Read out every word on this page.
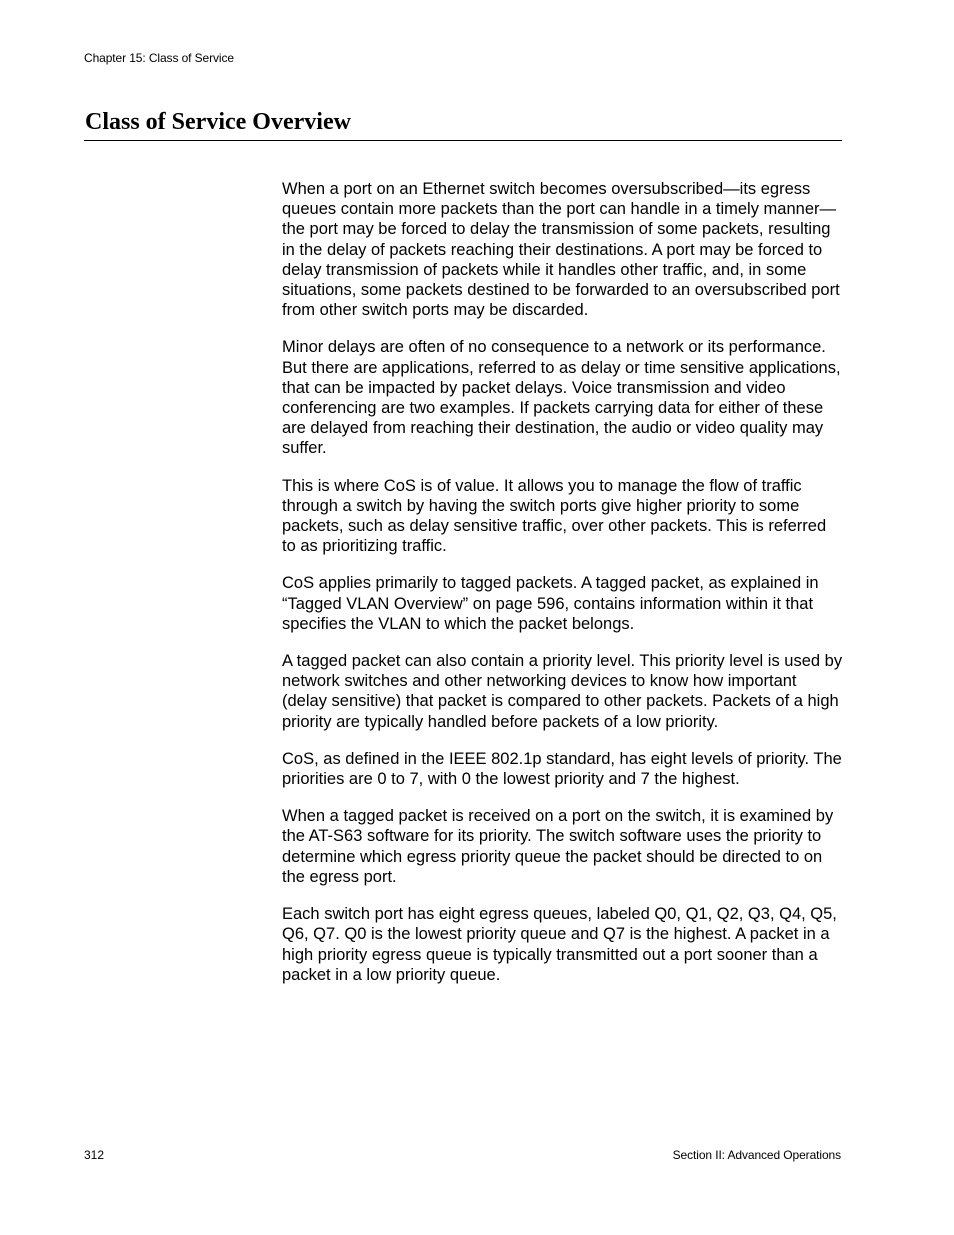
Chapter 15: Class of Service
Class of Service Overview

When a port on an Ethernet switch becomes oversubscribed—its egress queues contain more packets than the port can handle in a timely manner—the port may be forced to delay the transmission of some packets, resulting in the delay of packets reaching their destinations. A port may be forced to delay transmission of packets while it handles other traffic, and, in some situations, some packets destined to be forwarded to an oversubscribed port from other switch ports may be discarded.

Minor delays are often of no consequence to a network or its performance. But there are applications, referred to as delay or time sensitive applications, that can be impacted by packet delays. Voice transmission and video conferencing are two examples. If packets carrying data for either of these are delayed from reaching their destination, the audio or video quality may suffer.

This is where CoS is of value. It allows you to manage the flow of traffic through a switch by having the switch ports give higher priority to some packets, such as delay sensitive traffic, over other packets. This is referred to as prioritizing traffic.

CoS applies primarily to tagged packets. A tagged packet, as explained in “Tagged VLAN Overview” on page 596, contains information within it that specifies the VLAN to which the packet belongs.

A tagged packet can also contain a priority level. This priority level is used by network switches and other networking devices to know how important (delay sensitive) that packet is compared to other packets. Packets of a high priority are typically handled before packets of a low priority.

CoS, as defined in the IEEE 802.1p standard, has eight levels of priority. The priorities are 0 to 7, with 0 the lowest priority and 7 the highest.

When a tagged packet is received on a port on the switch, it is examined by the AT-S63 software for its priority. The switch software uses the priority to determine which egress priority queue the packet should be directed to on the egress port.

Each switch port has eight egress queues, labeled Q0, Q1, Q2, Q3, Q4, Q5, Q6, Q7. Q0 is the lowest priority queue and Q7 is the highest. A packet in a high priority egress queue is typically transmitted out a port sooner than a packet in a low priority queue.

312	Section II: Advanced Operations
